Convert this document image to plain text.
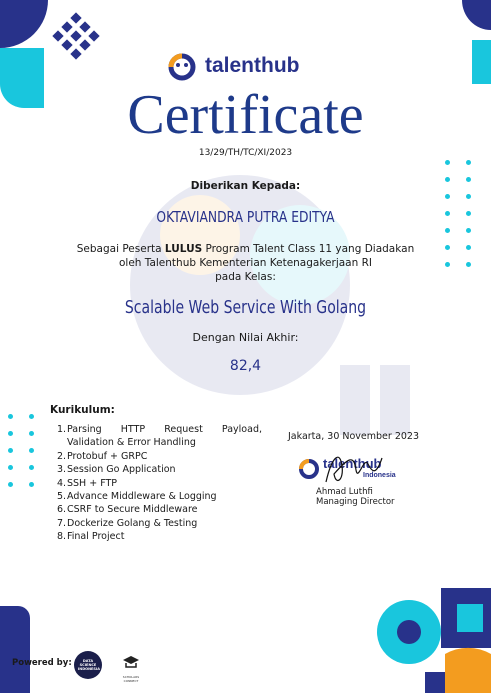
talenthub
Certificate
13/29/TH/TC/XI/2023
Diberikan Kepada:
OKTAVIANDRA PUTRA EDITYA
Sebagai Peserta LULUS Program Talent Class 11 yang Diadakan
oleh Talenthub Kementerian Ketenagakerjaan RI
pada Kelas:
Scalable Web Service With Golang
Dengan Nilai Akhir:
82,4
Kurikulum:
1. Parsing HTTP Request Payload, Validation & Error Handling
2. Protobuf + GRPC
3. Session Go Application
4. SSH + FTP
5. Advance Middleware & Logging
6. CSRF to Secure Middleware
7. Dockerize Golang & Testing
8. Final Project
Jakarta, 30 November 2023
talenthub
Indonesia
Ahmad Luthfi
Managing Director
Powered by:	DATA SCIENCE INDONESIA
SCHOLARS CONNECT
